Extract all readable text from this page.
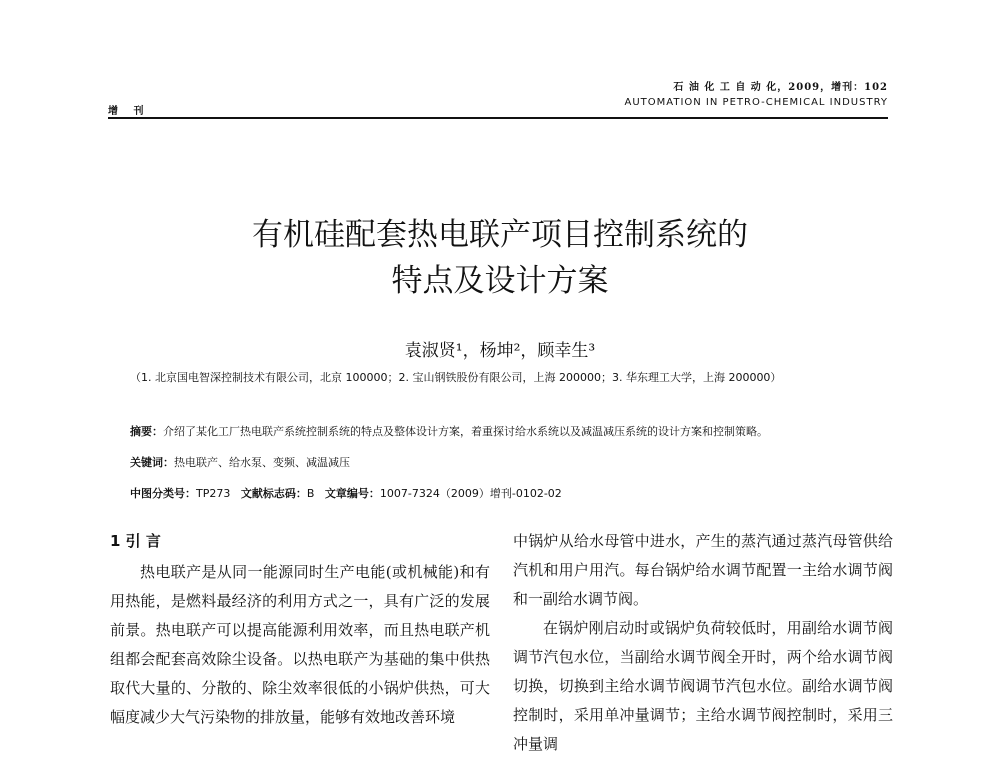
石 油 化 工 自 动 化，2009，增刊：102
AUTOMATION IN PETRO-CHEMICAL INDUSTRY
增 刊
有机硅配套热电联产项目控制系统的
特点及设计方案
袁淑贤¹，杨坤²，顾幸生³
（1. 北京国电智深控制技术有限公司，北京 100000；2. 宝山钢铁股份有限公司，上海 200000；3. 华东理工大学，上海 200000）
摘要：介绍了某化工厂热电联产系统控制系统的特点及整体设计方案，着重探讨给水系统以及减温减压系统的设计方案和控制策略。
关键词：热电联产、给水泵、变频、减温减压
中图分类号：TP273 文献标志码：B 文章编号：1007-7324（2009）增刊-0102-02
1 引 言

热电联产是从同一能源同时生产电能(或机械能)和有用热能，是燃料最经济的利用方式之一，具有广泛的发展前景。热电联产可以提高能源利用效率，而且热电联产机组都会配套高效除尘设备。以热电联产为基础的集中供热取代大量的、分散的、除尘效率很低的小锅炉供热，可大幅度减少大气污染物的排放量，能够有效地改善环境

中锅炉从给水母管中进水，产生的蒸汽通过蒸汽母管供给汽机和用户用汽。每台锅炉给水调节配置一主给水调节阀和一副给水调节阀。

在锅炉刚启动时或锅炉负荷较低时，用副给水调节阀调节汽包水位，当副给水调节阀全开时，两个给水调节阀切换，切换到主给水调节阀调节汽包水位。副给水调节阀控制时，采用单冲量调节；主给水调节阀控制时，采用三冲量调
